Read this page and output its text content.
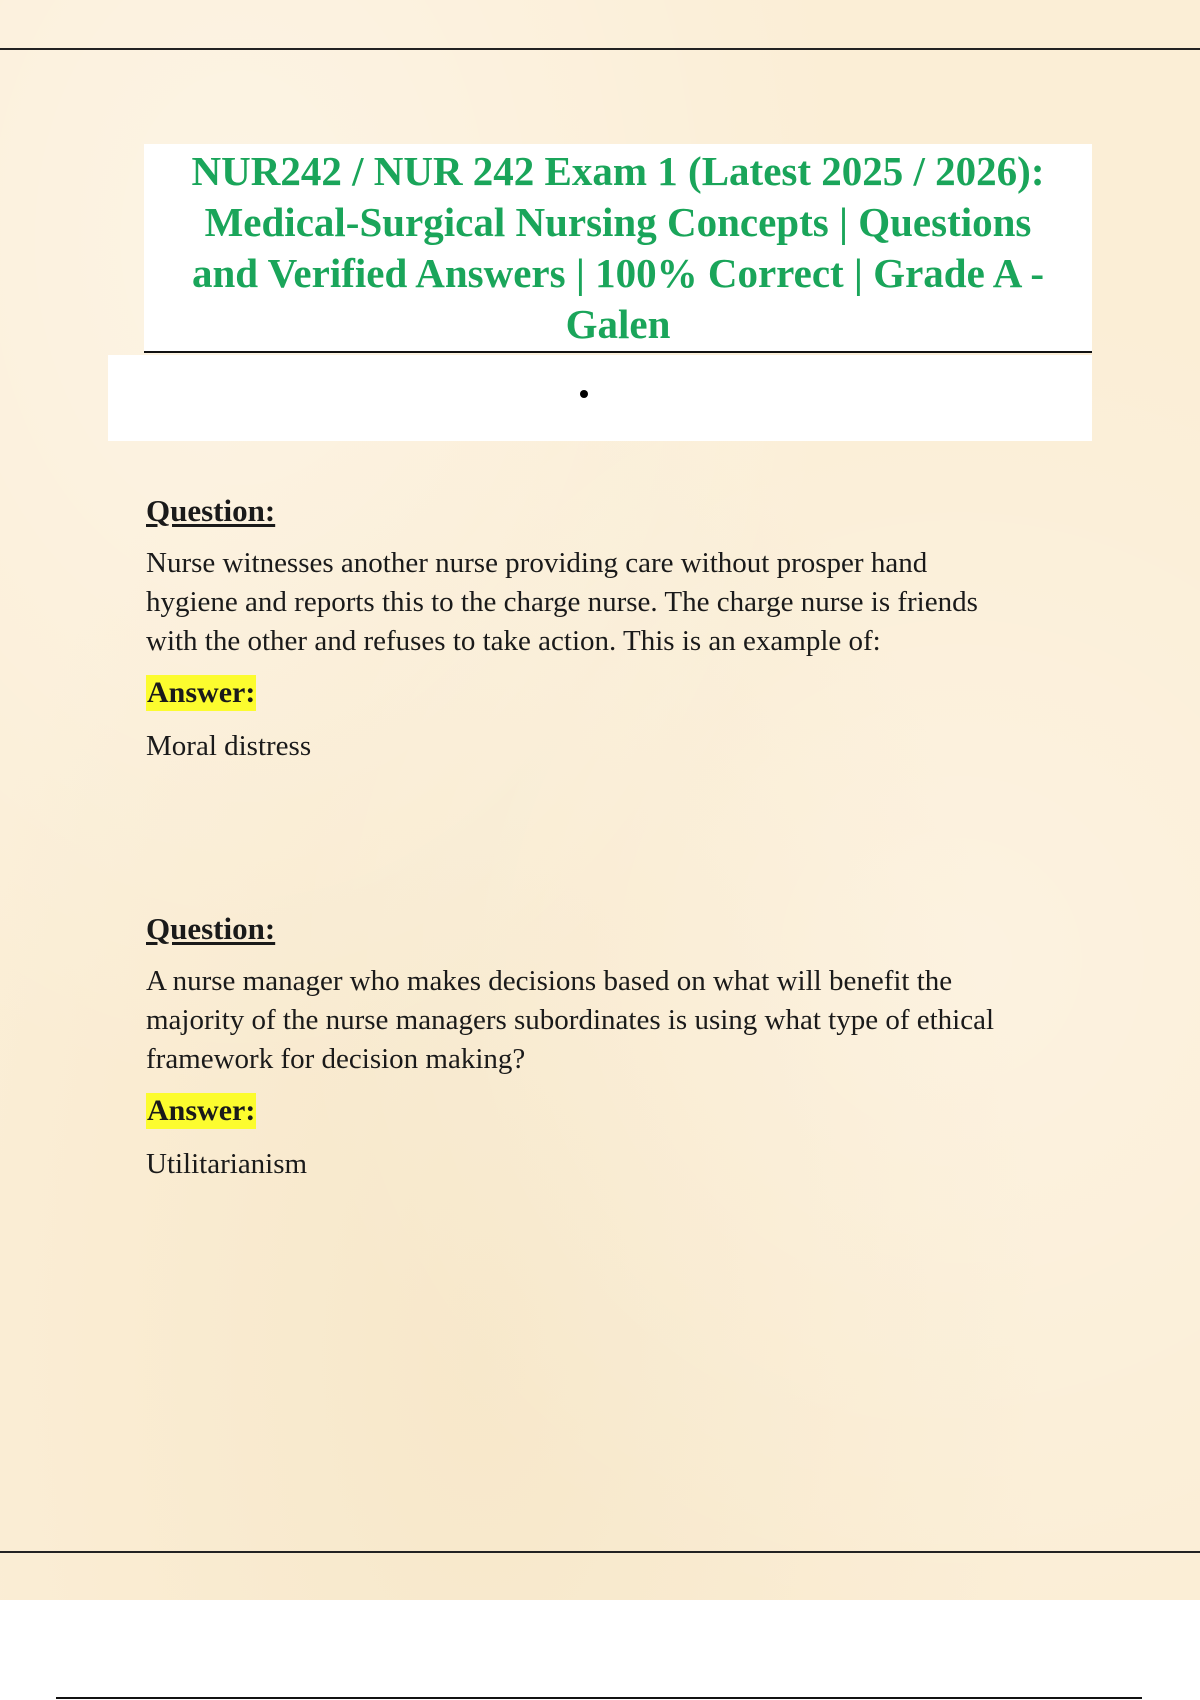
NUR242 / NUR 242 Exam 1 (Latest 2025 / 2026):
Medical-Surgical Nursing Concepts | Questions
and Verified Answers | 100% Correct | Grade A -
Galen
Question:

Nurse witnesses another nurse providing care without prosper hand
hygiene and reports this to the charge nurse. The charge nurse is friends
with the other and refuses to take action. This is an example of:

Answer:

Moral distress

Question:

A nurse manager who makes decisions based on what will benefit the
majority of the nurse managers subordinates is using what type of ethical
framework for decision making?

Answer:

Utilitarianism
